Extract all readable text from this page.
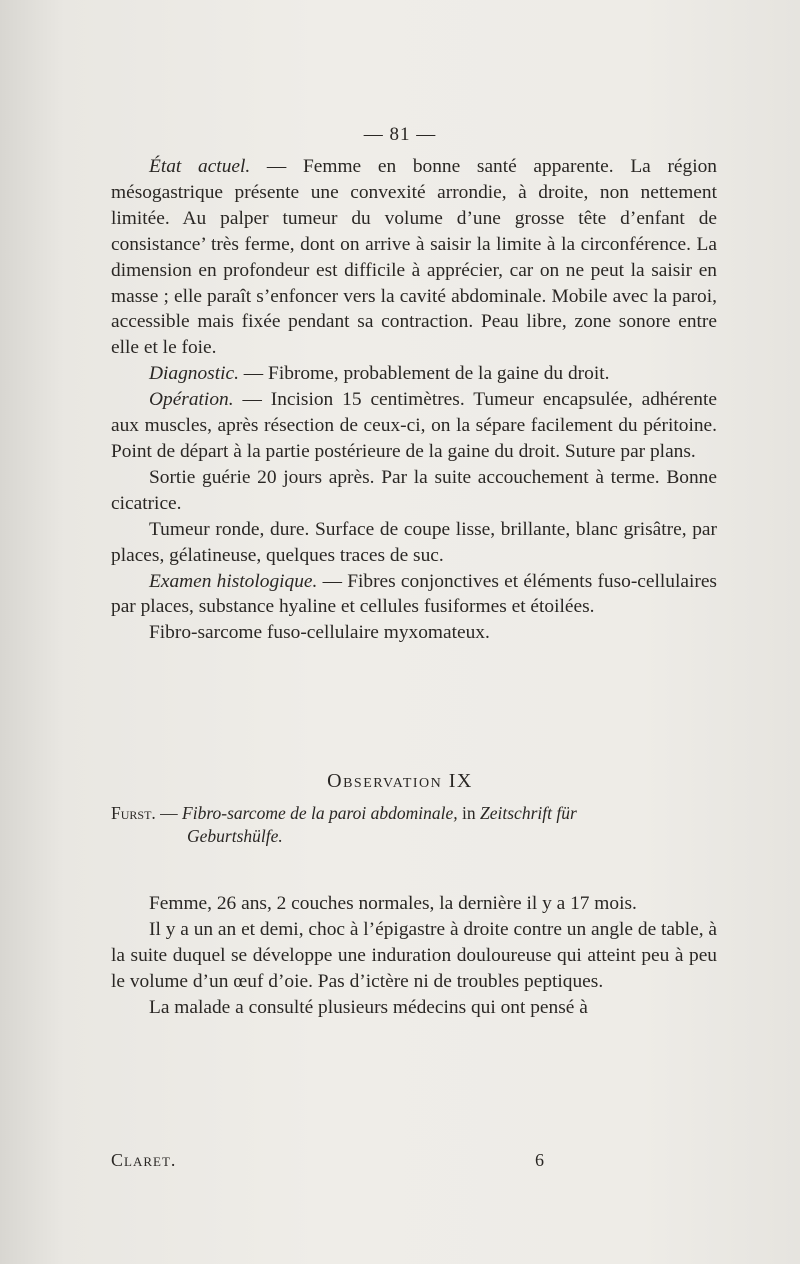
— 81 —

État actuel. — Femme en bonne santé apparente. La région mésogastrique présente une convexité arrondie, à droite, non nettement limitée. Au palper tumeur du volume d’une grosse tête d’enfant de consistance’ très ferme, dont on arrive à saisir la limite à la circonférence. La dimension en profondeur est difficile à apprécier, car on ne peut la saisir en masse ; elle paraît s’enfoncer vers la cavité abdominale. Mobile avec la paroi, accessible mais fixée pendant sa contraction. Peau libre, zone sonore entre elle et le foie.

Diagnostic. — Fibrome, probablement de la gaine du droit.

Opération. — Incision 15 centimètres. Tumeur encapsulée, adhérente aux muscles, après résection de ceux-ci, on la sépare facilement du péritoine. Point de départ à la partie postérieure de la gaine du droit. Suture par plans.

Sortie guérie 20 jours après. Par la suite accouchement à terme. Bonne cicatrice.

Tumeur ronde, dure. Surface de coupe lisse, brillante, blanc grisâtre, par places, gélatineuse, quelques traces de suc.

Examen histologique. — Fibres conjonctives et éléments fuso-cellulaires par places, substance hyaline et cellules fusiformes et étoilées.

Fibro-sarcome fuso-cellulaire myxomateux.

Observation IX
Furst. — Fibro-sarcome de la paroi abdominale, in Zeitschrift für
Geburtshülfe.

Femme, 26 ans, 2 couches normales, la dernière il y a 17 mois.

Il y a un an et demi, choc à l’épigastre à droite contre un angle de table, à la suite duquel se développe une induration douloureuse qui atteint peu à peu le volume d’un œuf d’oie. Pas d’ictère ni de troubles peptiques.

La malade a consulté plusieurs médecins qui ont pensé à

Claret.	6
